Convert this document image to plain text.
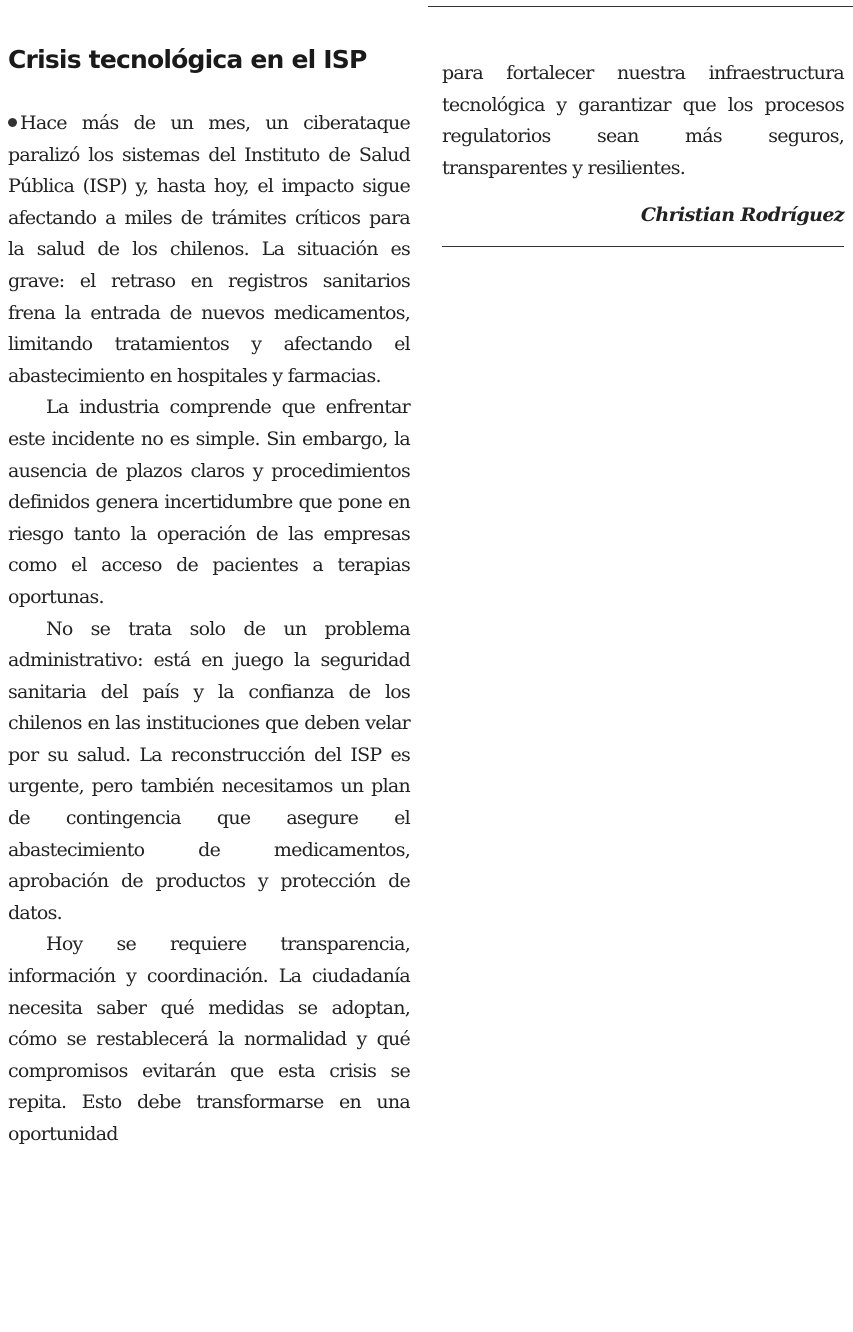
Crisis tecnológica en el ISP

Hace más de un mes, un ciberataque paralizó los sistemas del Instituto de Salud Pública (ISP) y, hasta hoy, el impacto sigue afectando a miles de trámites críticos para la salud de los chilenos. La situación es grave: el retraso en registros sanitarios frena la entrada de nuevos medicamentos, limitando tratamientos y afectando el abastecimiento en hospitales y farmacias.

La industria comprende que enfrentar este incidente no es simple. Sin embargo, la ausencia de plazos claros y procedimientos definidos genera incertidumbre que pone en riesgo tanto la operación de las empresas como el acceso de pacientes a terapias oportunas.

No se trata solo de un problema administrativo: está en juego la seguridad sanitaria del país y la confianza de los chilenos en las instituciones que deben velar por su salud. La reconstrucción del ISP es urgente, pero también necesitamos un plan de contingencia que asegure el abastecimiento de medicamentos, aprobación de productos y protección de datos.

Hoy se requiere transparencia, información y coordinación. La ciudadanía necesita saber qué medidas se adoptan, cómo se restablecerá la normalidad y qué compromisos evitarán que esta crisis se repita. Esto debe transformarse en una oportunidad

para fortalecer nuestra infraestructura tecnológica y garantizar que los procesos regulatorios sean más seguros, transparentes y resilientes.

Christian Rodríguez
